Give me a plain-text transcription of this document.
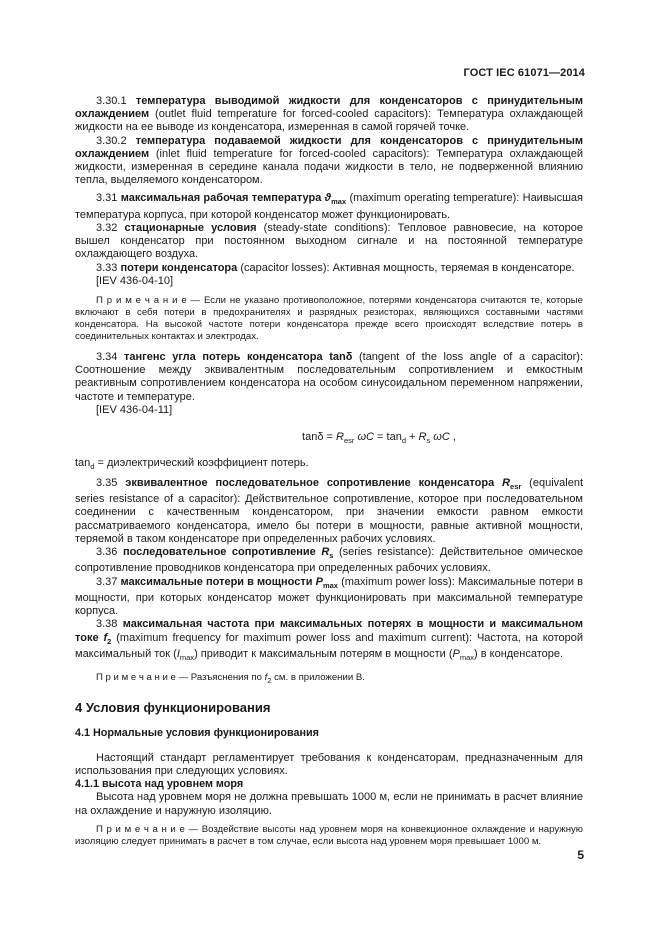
ГОСТ IEC 61071—2014

3.30.1 температура выводимой жидкости для конденсаторов с принудительным охлаждением (outlet fluid temperature for forced-cooled capacitors): Температура охлаждающей жидкости на ее выводе из конденсатора, измеренная в самой горячей точке.

3.30.2 температура подаваемой жидкости для конденсаторов с принудительным охлаждением (inlet fluid temperature for forced-cooled capacitors): Температура охлаждающей жидкости, измеренная в середине канала подачи жидкости в тело, не подверженной влиянию тепла, выделяемого конденсатором.

3.31 максимальная рабочая температура $ϑ_{max}$ (maximum operating temperature): Наивысшая температура корпуса, при которой конденсатор может функционировать.

3.32 стационарные условия (steady-state conditions): Тепловое равновесие, на которое вышел конденсатор при постоянном выходном сигнале и на постоянной температуре охлаждающего воздуха.

3.33 потери конденсатора (capacitor losses): Активная мощность, теряемая в конденсаторе.

[IEV 436-04-10]

П р и м е ч а н и е — Если не указано противоположное, потерями конденсатора считаются те, которые включают в себя потери в предохранителях и разрядных резисторах, являющихся составными частями конденсатора. На высокой частоте потери конденсатора прежде всего происходят вследствие потерь в соединительных контактах и электродах.

3.34 тангенс угла потерь конденсатора tanδ (tangent of the loss angle of a capacitor): Соотношение между эквивалентным последовательным сопротивлением и емкостным реактивным сопротивлением конденсатора на особом синусоидальном переменном напряжении, частоте и температуре.

[IEV 436-04-11]

$\tan\delta = R_{esr}$ $\omega C = \tan_d + R_s$ ωC ,

$\tan_d$ = диэлектрический коэффициент потерь.

3.35 эквивалентное последовательное сопротивление конденсатора $R_{esr}$ (equivalent series resistance of a capacitor): Действительное сопротивление, которое при последовательном соединении с качественным конденсатором, при значении емкости равном емкости рассматриваемого конденсатора, имело бы потери в мощности, равные активной мощности, теряемой в таком конденсаторе при определенных рабочих условиях.

3.36 последовательное сопротивление $R_s$ (series resistance): Действительное омическое сопротивление проводников конденсатора при определенных рабочих условиях.

3.37 максимальные потери в мощности $P_{max}$ (maximum power loss): Максимальные потери в мощности, при которых конденсатор может функционировать при максимальной температуре корпуса.

3.38 максимальная частота при максимальных потерях в мощности и максимальном токе $f_2$ (maximum frequency for maximum power loss and maximum current): Частота, на которой максимальный ток $(I_{max})$ приводит к максимальным потерям в мощности $(P_{max})$ в конденсаторе.

П р и м е ч а н и е — Разъяснения по $f_2$ см. в приложении В.

4 Условия функционирования

4.1 Нормальные условия функционирования

Настоящий стандарт регламентирует требования к конденсаторам, предназначенным для использования при следующих условиях.

4.1.1 высота над уровнем моря

Высота над уровнем моря не должна превышать 1000 м, если не принимать в расчет влияние на охлаждение и наружную изоляцию.

П р и м е ч а н и е — Воздействие высоты над уровнем моря на конвекционное охлаждение и наружную изоляцию следует принимать в расчет в том случае, если высота над уровнем моря превышает 1000 м.

5
